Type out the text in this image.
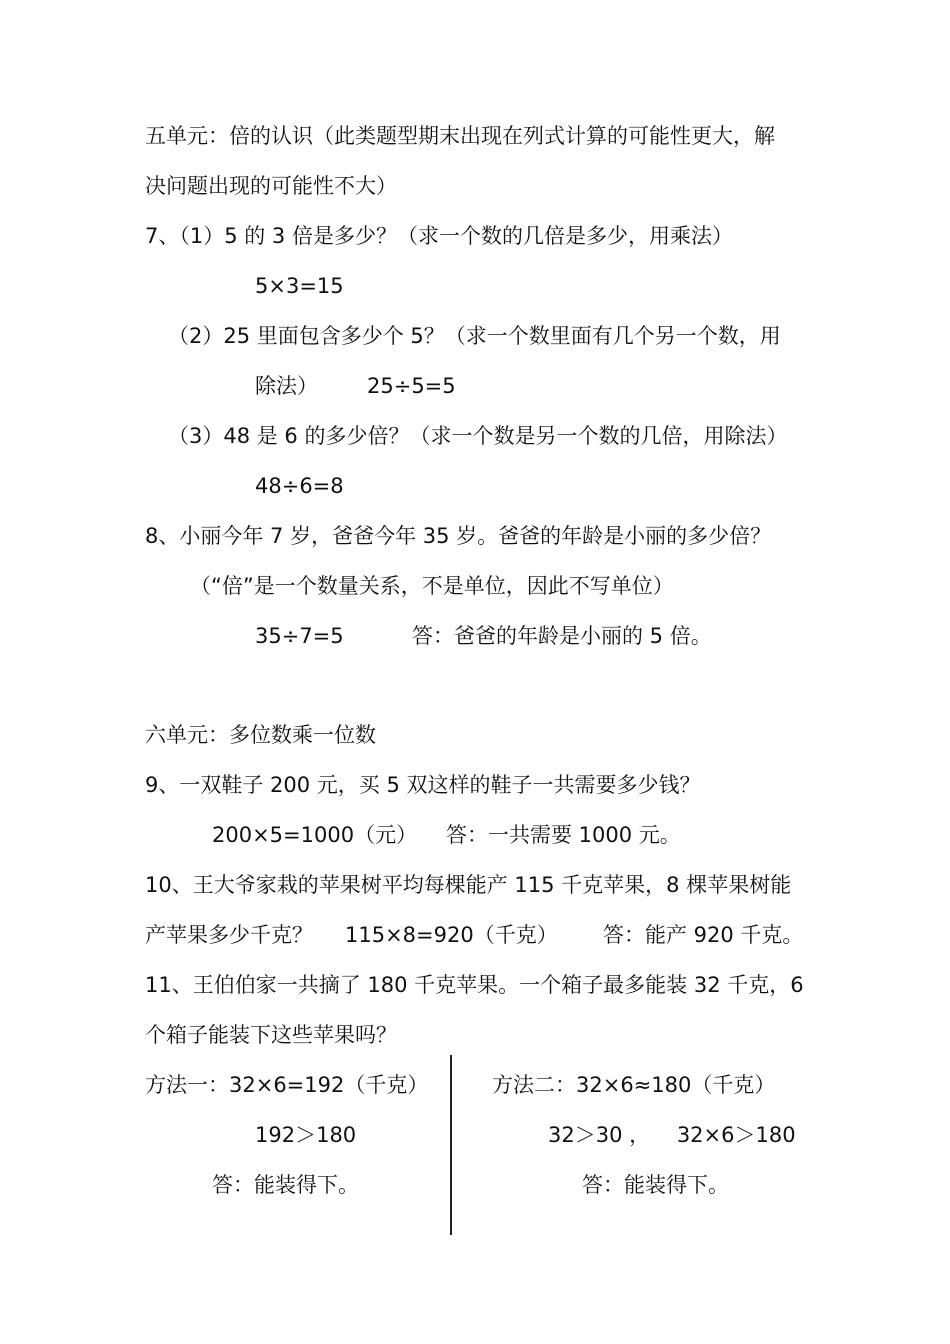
五单元：倍的认识（此类题型期末出现在列式计算的可能性更大，解
决问题出现的可能性不大）
7、（1）5 的 3 倍是多少？（求一个数的几倍是多少，用乘法）
5×3=15
（2）25 里面包含多少个 5？（求一个数里面有几个另一个数，用
除法） 25÷5=5
（3）48 是 6 的多少倍？（求一个数是另一个数的几倍，用除法）
48÷6=8
8、小丽今年 7 岁，爸爸今年 35 岁。爸爸的年龄是小丽的多少倍？
（“倍”是一个数量关系，不是单位，因此不写单位）
35÷7=5	答：爸爸的年龄是小丽的 5 倍。
六单元：多位数乘一位数
9、一双鞋子 200 元，买 5 双这样的鞋子一共需要多少钱？
200×5=1000（元） 答：一共需要 1000 元。
10、王大爷家栽的苹果树平均每棵能产 115 千克苹果，8 棵苹果树能
产苹果多少千克？ 115×8=920（千克） 答：能产 920 千克。
11、王伯伯家一共摘了 180 千克苹果。一个箱子最多能装 32 千克，6
个箱子能装下这些苹果吗？
方法一：32×6=192（千克）
192＞180
答：能装得下。
方法二：32×6≈180（千克）
32＞30 ，    32×6＞180
答：能装得下。
